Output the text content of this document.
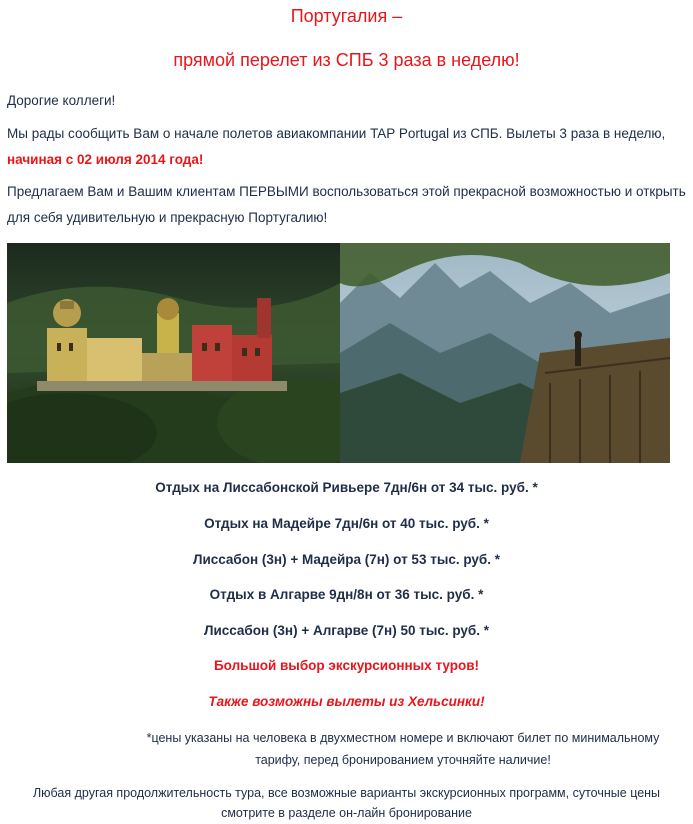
Португалия –
прямой перелет из СПБ 3 раза в неделю!
Дорогие коллеги!
Мы рады сообщить Вам о начале полетов авиакомпании TAP Portugal из СПБ. Вылеты 3 раза в неделю, начиная с 02 июля 2014 года!
Предлагаем Вам и Вашим клиентам ПЕРВЫМИ воспользоваться этой прекрасной возможностью и открыть для себя удивительную и прекрасную Португалию!
Отдых на Лиссабонской Ривьере 7дн/6н от 34 тыс. руб. *
Отдых на Мадейре 7дн/6н от 40 тыс. руб. *
Лиссабон (3н) + Мадейра (7н) от 53 тыс. руб. *
Отдых в Алгарве 9дн/8н от 36 тыс. руб. *
Лиссабон (3н) + Алгарве (7н) 50 тыс. руб. *
Большой выбор экскурсионных туров!
Также возможны вылеты из Хельсинки!
*цены указаны на человека в двухместном номере и включают билет по минимальному
тарифу, перед бронированием уточняйте наличие!
Любая другая продолжительность тура, все возможные варианты экскурсионных программ, суточные цены
смотрите в разделе он-лайн бронирование
